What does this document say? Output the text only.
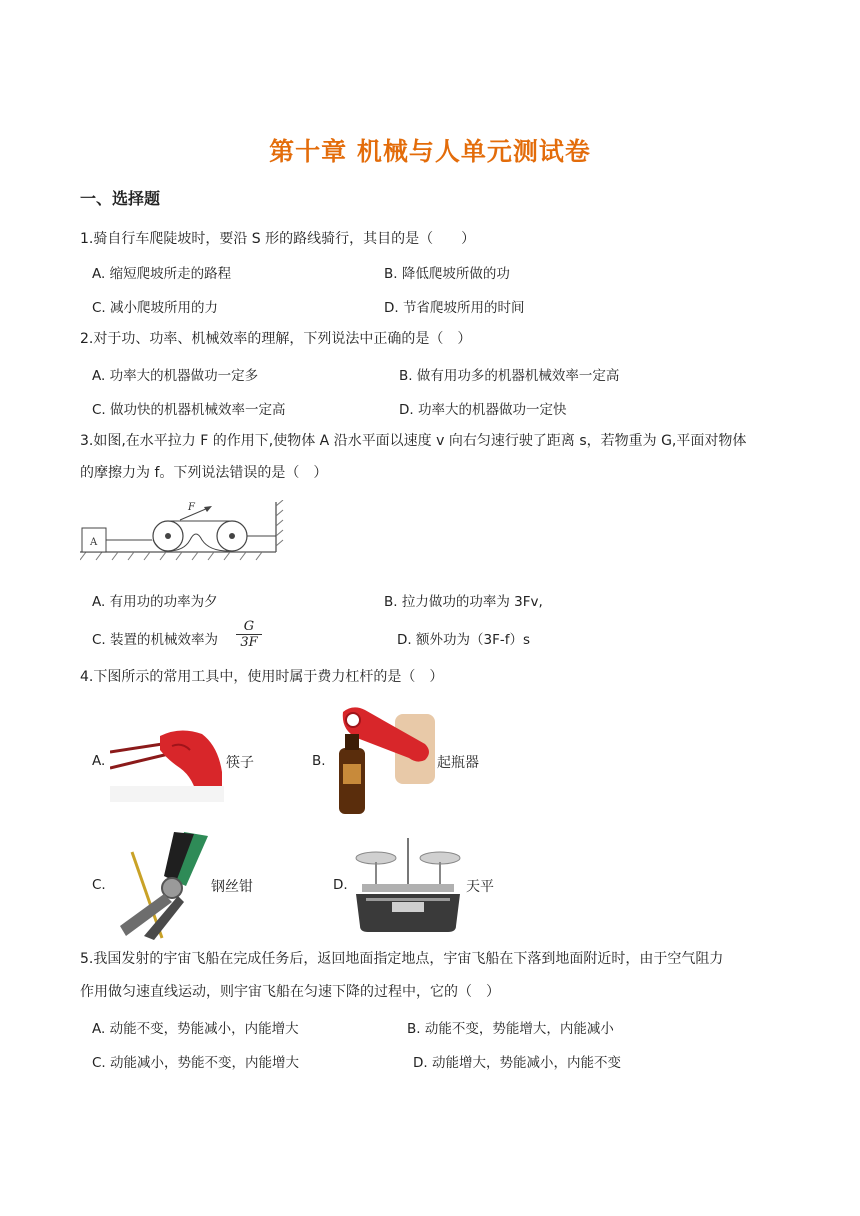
第十章 机械与人单元测试卷
一、选择题
1.骑自行车爬陡坡时，要沿 S 形的路线骑行，其目的是（　　）
A. 缩短爬坡所走的路程	B. 降低爬坡所做的功
C. 减小爬坡所用的力	D. 节省爬坡所用的时间
2.对于功、功率、机械效率的理解，下列说法中正确的是（　）
A. 功率大的机器做功一定多	B. 做有用功多的机器机械效率一定高
C. 做功快的机器机械效率一定高	D. 功率大的机器做功一定快
3.如图,在水平拉力 F 的作用下,使物体 A 沿水平面以速度 v 向右匀速行驶了距离 s，若物重为 G,平面对物体
的摩擦力为 f。下列说法错误的是（　）
A
F
A. 有用功的功率为夕	B. 拉力做功的功率为 3Fv,
C. 装置的机械效率为 $\frac{G}{3F}$	D. 额外功为（3F-f）s
4.下图所示的常用工具中，使用时属于费力杠杆的是（　）
A.	筷子	B.	起瓶器
C.	钢丝钳	D.	天平
5.我国发射的宇宙飞船在完成任务后，返回地面指定地点，宇宙飞船在下落到地面附近时，由于空气阻力
作用做匀速直线运动，则宇宙飞船在匀速下降的过程中，它的（　）
A. 动能不变，势能减小，内能增大	B. 动能不变，势能增大，内能减小
C. 动能减小，势能不变，内能增大	D. 动能增大，势能减小，内能不变
